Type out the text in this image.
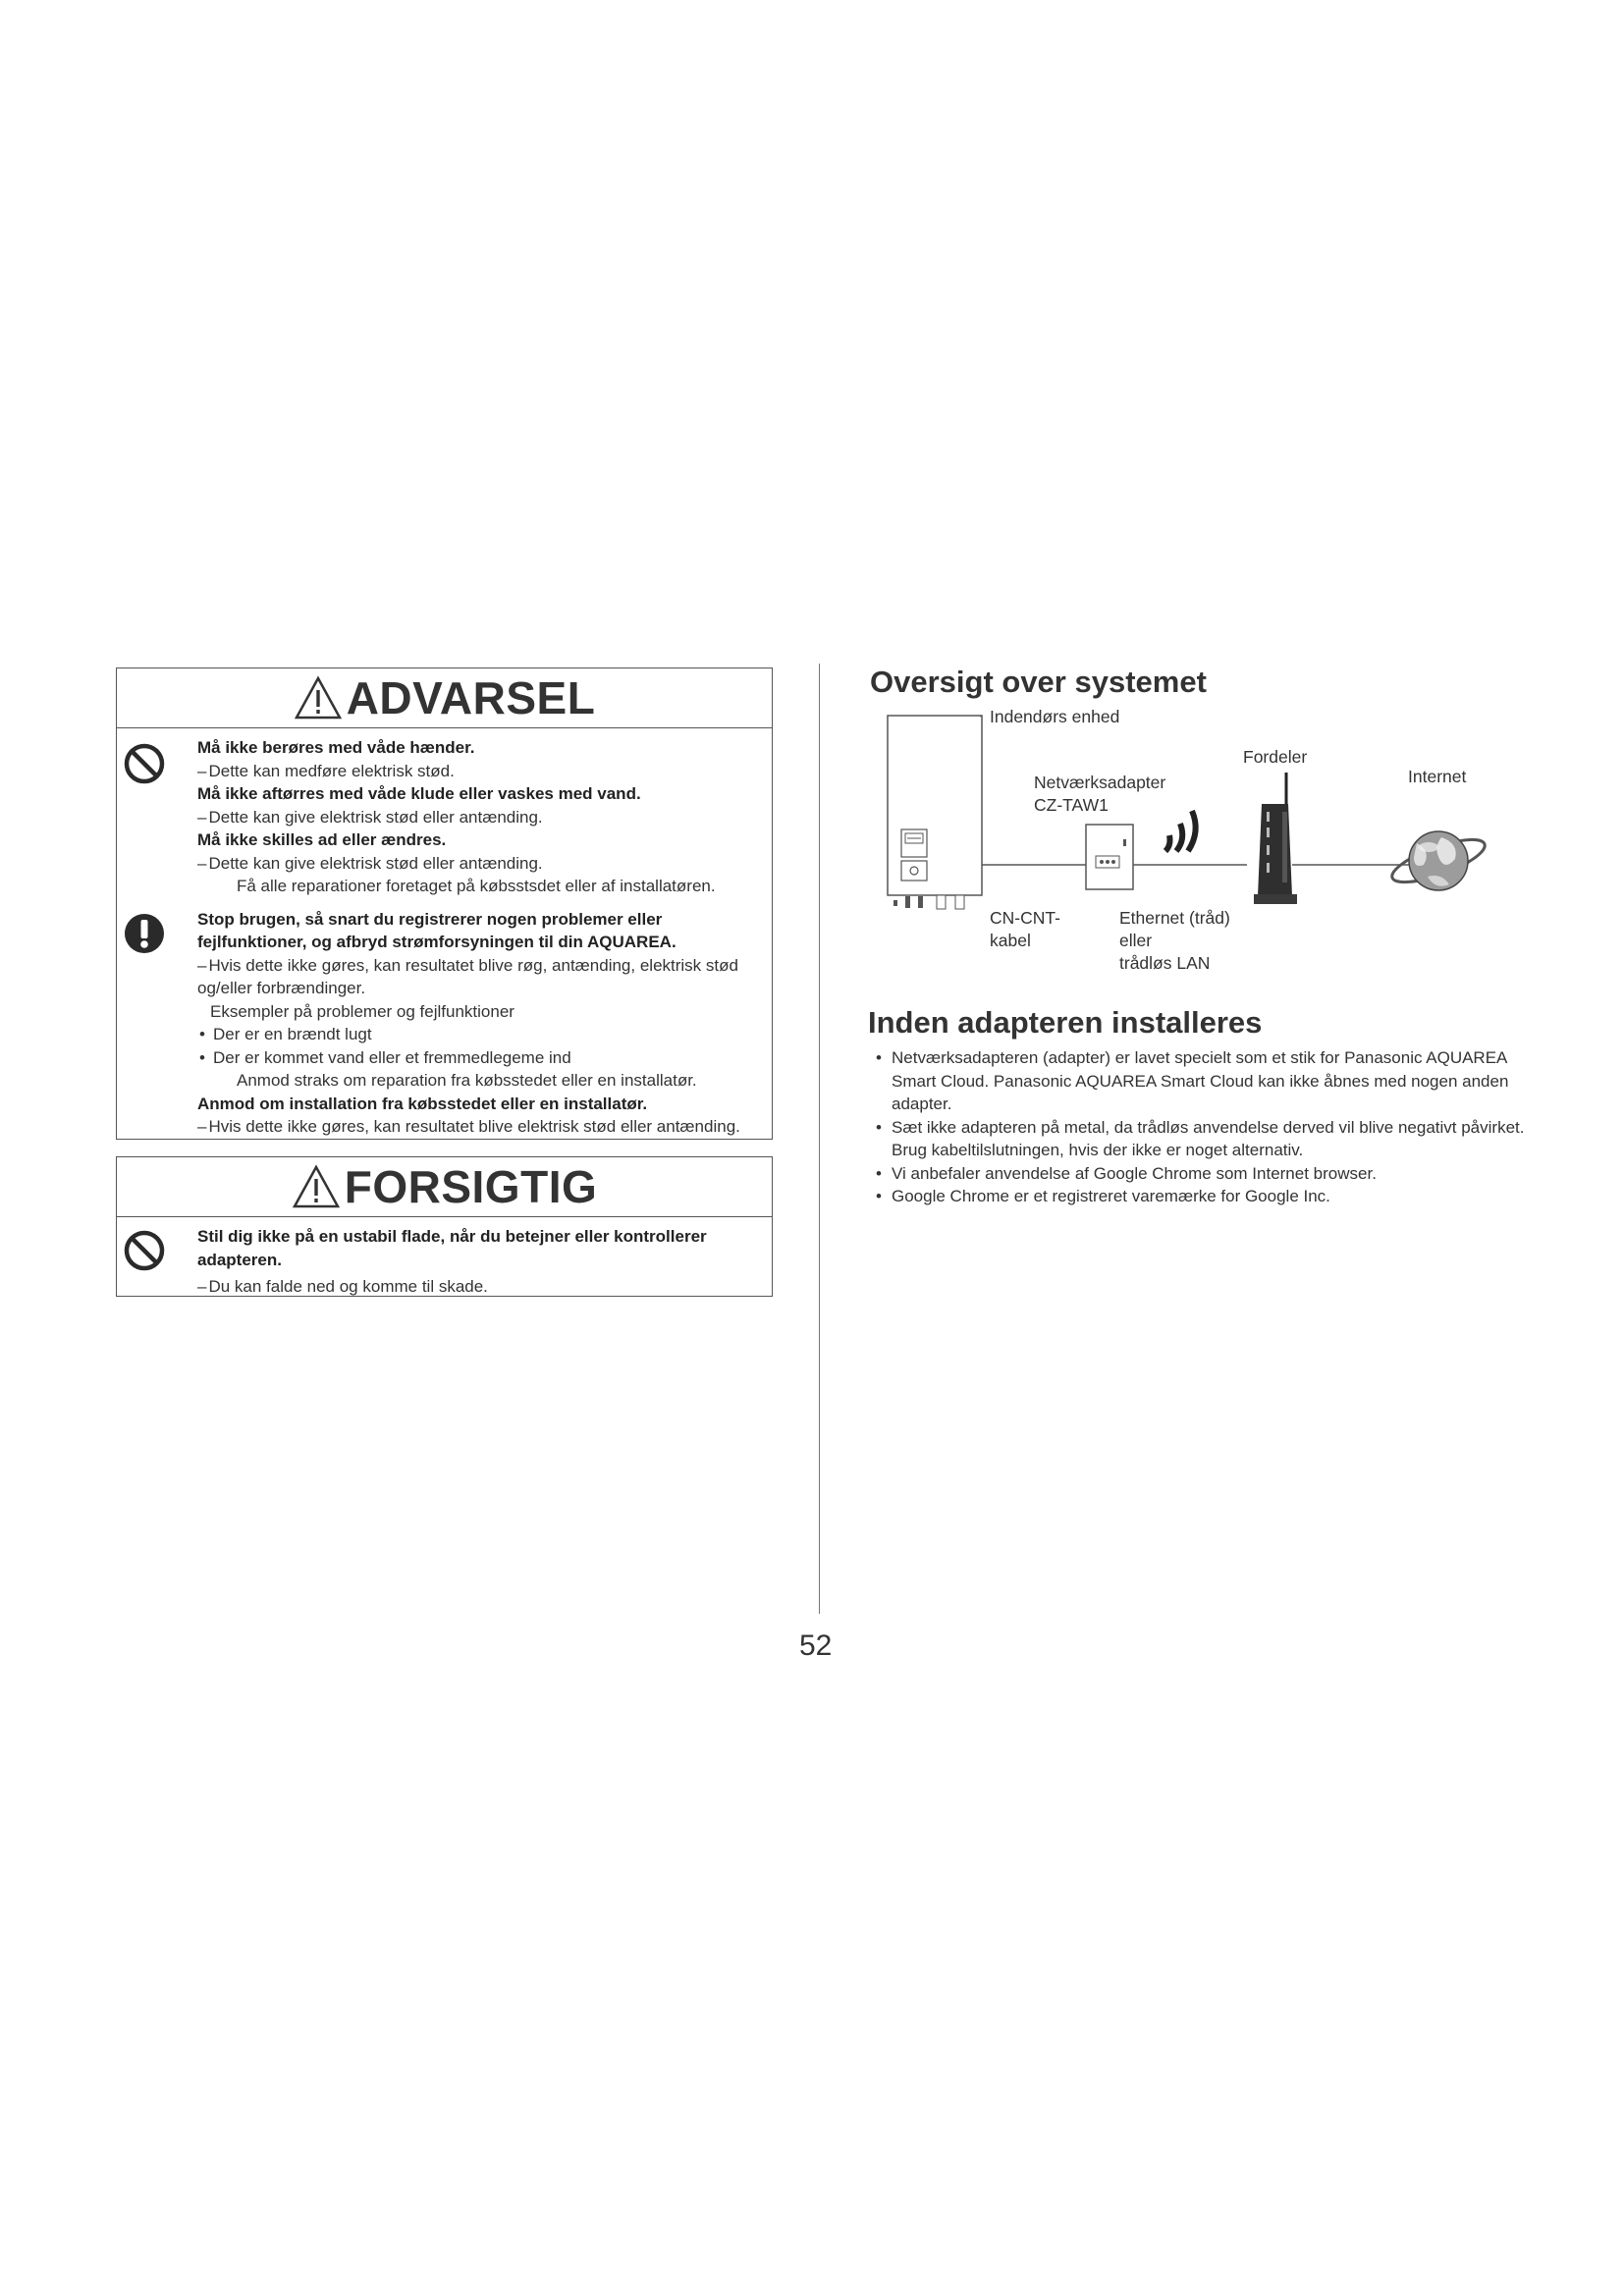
ADVARSEL
Må ikke berøres med våde hænder.
– Dette kan medføre elektrisk stød.
Må ikke aftørres med våde klude eller vaskes med vand.
– Dette kan give elektrisk stød eller antænding.
Må ikke skilles ad eller ændres.
– Dette kan give elektrisk stød eller antænding.
Få alle reparationer foretaget på købsstsdet eller af installatøren.
Stop brugen, så snart du registrerer nogen problemer eller fejlfunktioner, og afbryd strømforsyningen til din AQUAREA.
– Hvis dette ikke gøres, kan resultatet blive røg, antænding, elektrisk stød og/eller forbrændinger.
Eksempler på problemer og fejlfunktioner
• Der er en brændt lugt
• Der er kommet vand eller et fremmedlegeme ind
Anmod straks om reparation fra købsstedet eller en installatør.
Anmod om installation fra købsstedet eller en installatør.
– Hvis dette ikke gøres, kan resultatet blive elektrisk stød eller antænding.
FORSIGTIG
Stil dig ikke på en ustabil flade, når du betejner eller kontrollerer adapteren.
– Du kan falde ned og komme til skade.
Oversigt over systemet
Indendørs enhed
Fordeler
Internet
Netværksadapter
CZ-TAW1
CN-CNT-
kabel
Ethernet (tråd)
eller
trådløs LAN
Inden adapteren installeres
• Netværksadapteren (adapter) er lavet specielt som et stik for Panasonic AQUAREA Smart Cloud. Panasonic AQUAREA Smart Cloud kan ikke åbnes med nogen anden adapter.
• Sæt ikke adapteren på metal, da trådløs anvendelse derved vil blive negativt påvirket. Brug kabeltilslutningen, hvis der ikke er noget alternativ.
• Vi anbefaler anvendelse af Google Chrome som Internet browser.
• Google Chrome er et registreret varemærke for Google Inc.
52
